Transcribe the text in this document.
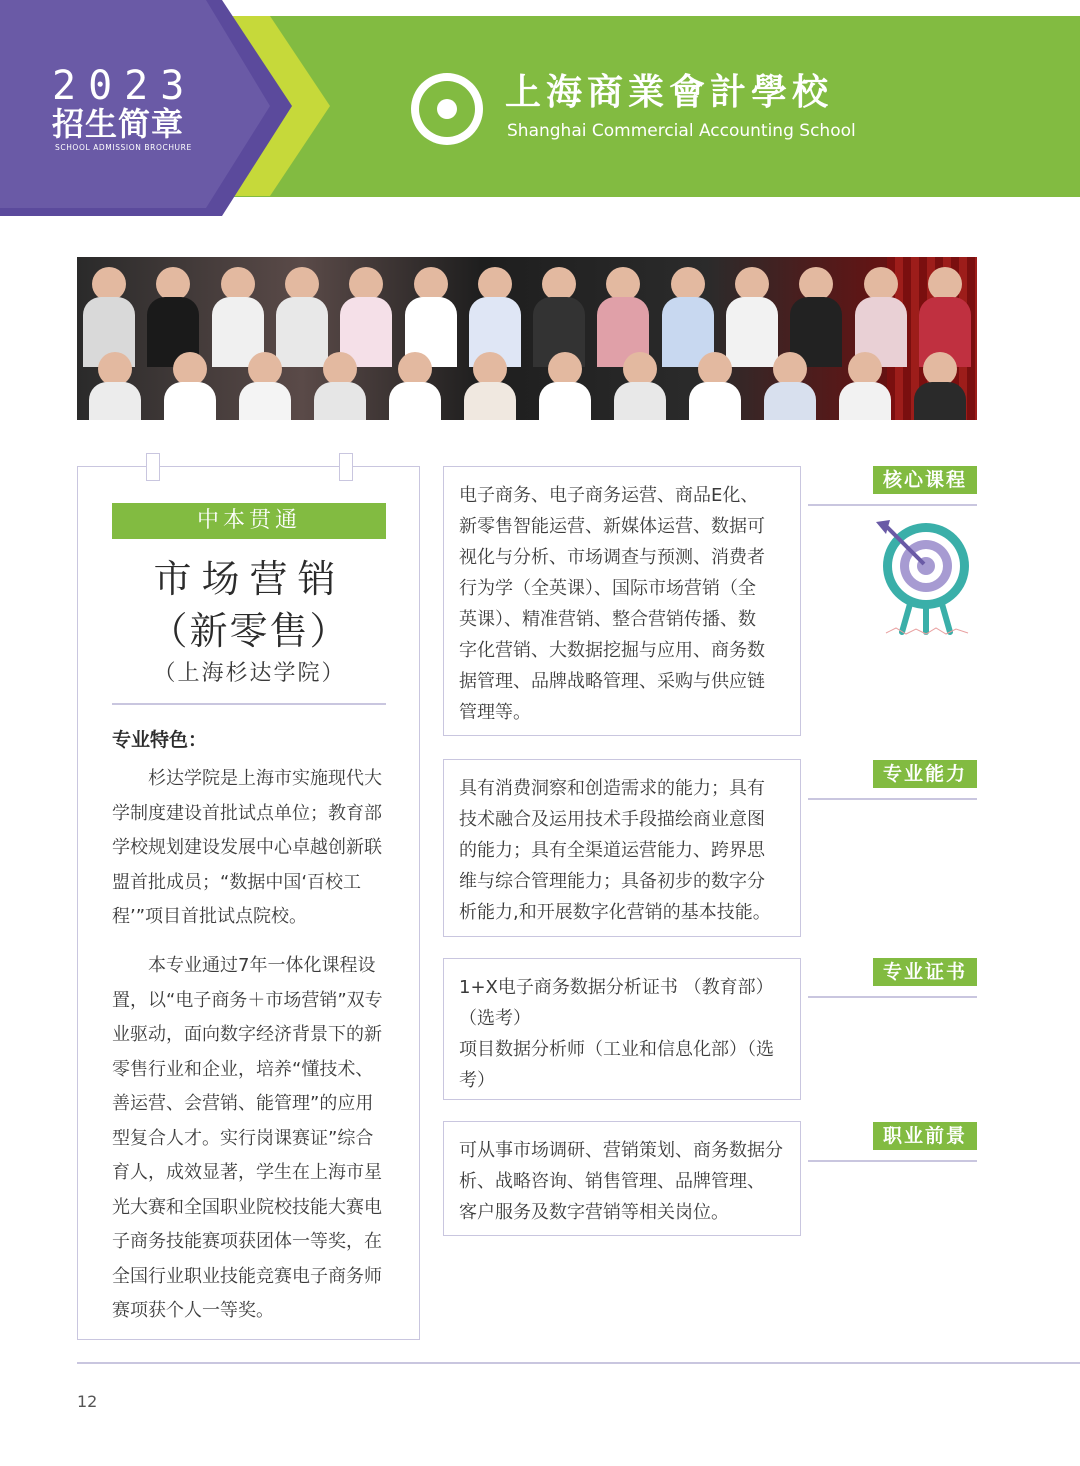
2023
招生简章
SCHOOL ADMISSION BROCHURE
上海商業會計學校
Shanghai Commercial Accounting School
中本贯通
市场营销
（新零售）
（上海杉达学院）
专业特色：
杉达学院是上海市实施现代大学制度建设首批试点单位；教育部学校规划建设发展中心卓越创新联盟首批成员；“数据中国‘百校工程’”项目首批试点院校。
本专业通过7年一体化课程设置，以“电子商务＋市场营销”双专业驱动，面向数字经济背景下的新零售行业和企业，培养“懂技术、善运营、会营销、能管理”的应用型复合人才。实行岗课赛证”综合育人，成效显著，学生在上海市星光大赛和全国职业院校技能大赛电子商务技能赛项获团体一等奖，在全国行业职业技能竞赛电子商务师赛项获个人一等奖。
电子商务、电子商务运营、商品E化、
新零售智能运营、新媒体运营、数据可
视化与分析、市场调查与预测、消费者
行为学（全英课）、国际市场营销（全
英课）、精准营销、整合营销传播、数
字化营销、大数据挖掘与应用、商务数
据管理、品牌战略管理、采购与供应链
管理等。
核心课程
具有消费洞察和创造需求的能力；具有
技术融合及运用技术手段描绘商业意图
的能力；具有全渠道运营能力、跨界思
维与综合管理能力；具备初步的数字分
析能力,和开展数字化营销的基本技能。
专业能力
1+X电子商务数据分析证书 （教育部）
（选考）
项目数据分析师（工业和信息化部）（选
考）
专业证书
可从事市场调研、营销策划、商务数据分
析、战略咨询、销售管理、品牌管理、
客户服务及数字营销等相关岗位。
职业前景
12
